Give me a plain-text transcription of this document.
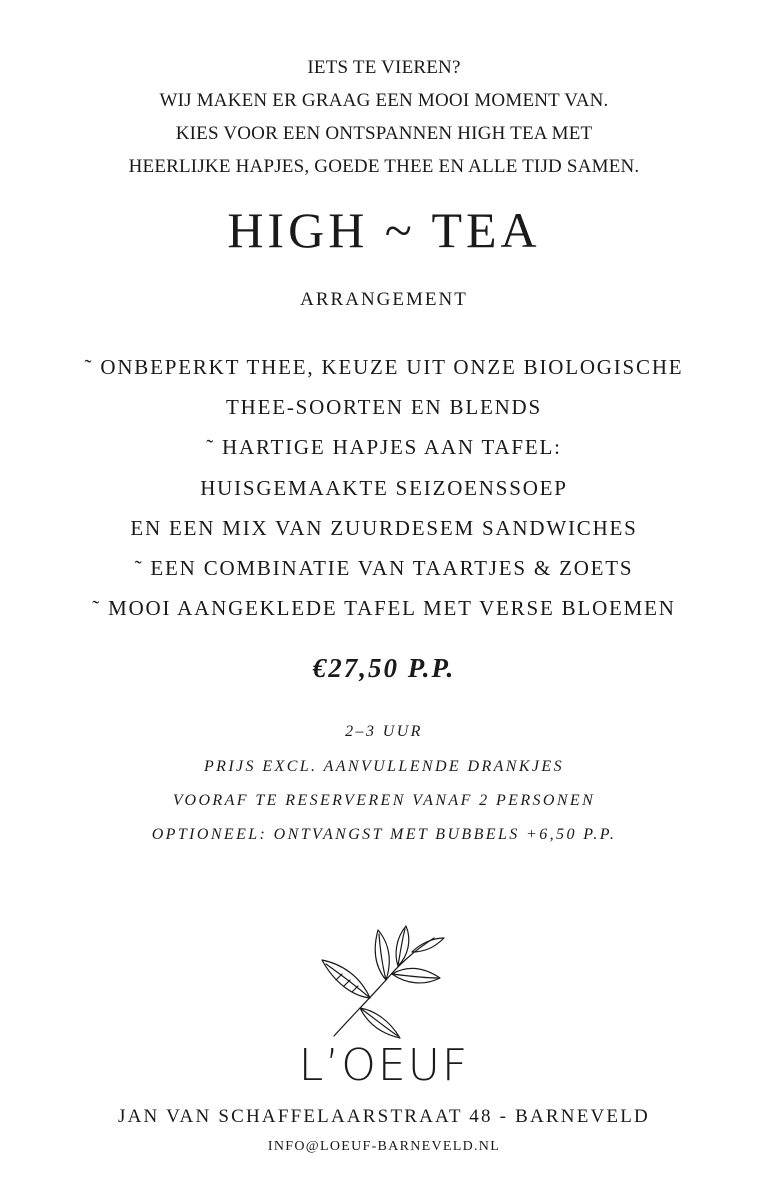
IETS TE VIEREN?
WIJ MAKEN ER GRAAG EEN MOOI MOMENT VAN.
KIES VOOR EEN ONTSPANNEN HIGH TEA MET
HEERLIJKE HAPJES, GOEDE THEE EN ALLE TIJD SAMEN.
HIGH ~ TEA
ARRANGEMENT
˜ ONBEPERKT THEE, KEUZE UIT ONZE BIOLOGISCHE
THEE-SOORTEN EN BLENDS
˜ HARTIGE HAPJES AAN TAFEL:
HUISGEMAAKTE SEIZOENSSOEP
EN EEN MIX VAN ZUURDESEM SANDWICHES
˜ EEN COMBINATIE VAN TAARTJES & ZOETS
˜ MOOI AANGEKLEDE TAFEL MET VERSE BLOEMEN
€27,50 P.P.
2–3 UUR
PRIJS EXCL. AANVULLENDE DRANKJES
VOORAF TE RESERVEREN VANAF 2 PERSONEN
OPTIONEEL: ONTVANGST MET BUBBELS +6,50 P.P.
L’OEUF
JAN VAN SCHAFFELAARSTRAAT 48 - BARNEVELD
INFO@LOEUF-BARNEVELD.NL
